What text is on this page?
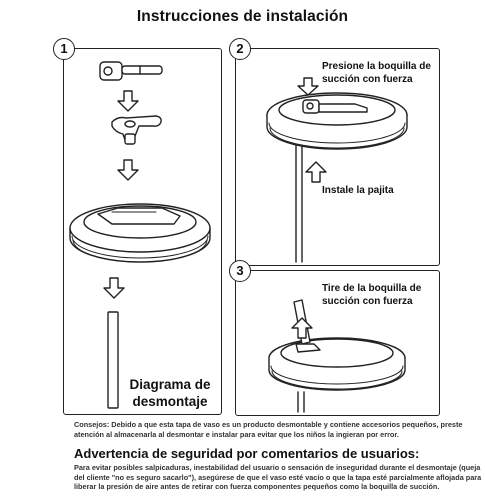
Instrucciones de instalación
1	2
3
Diagrama de
desmontaje
Presione la boquilla de
succión con fuerza
Instale la pajita
Tire de la boquilla de
succión con fuerza
Consejos: Debido a que esta tapa de vaso es un producto desmontable y contiene accesorios pequeños, preste atención al almacenarla al desmontar e instalar para evitar que los niños la ingieran por error.
Advertencia de seguridad por comentarios de usuarios:
Para evitar posibles salpicaduras, inestabilidad del usuario o sensación de inseguridad durante el desmontaje (queja del cliente "no es seguro sacarlo"), asegúrese de que el vaso esté vacío o que la tapa esté parcialmente aflojada para liberar la presión de aire antes de retirar con fuerza componentes pequeños como la boquilla de succión.
